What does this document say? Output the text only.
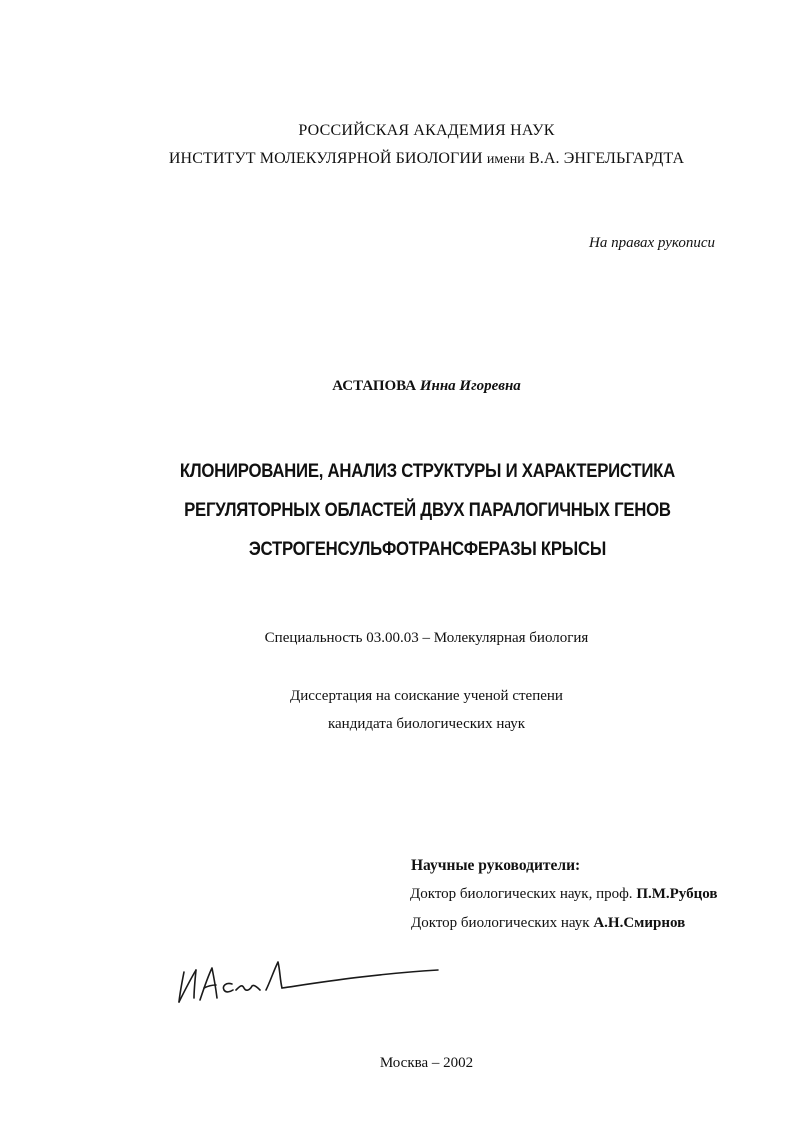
РОССИЙСКАЯ АКАДЕМИЯ НАУК
ИНСТИТУТ МОЛЕКУЛЯРНОЙ БИОЛОГИИ имени В.А. ЭНГЕЛЬГАРДТА
На правах рукописи
АСТАПОВА Инна Игоревна
КЛОНИРОВАНИЕ, АНАЛИЗ СТРУКТУРЫ И ХАРАКТЕРИСТИКА
РЕГУЛЯТОРНЫХ ОБЛАСТЕЙ ДВУХ ПАРАЛОГИЧНЫХ ГЕНОВ
ЭСТРОГЕНСУЛЬФОТРАНСФЕРАЗЫ КРЫСЫ
Специальность 03.00.03 – Молекулярная биология
Диссертация на соискание ученой степени
кандидата биологических наук
Научные руководители:
Доктор биологических наук, проф. П.М.Рубцов
Доктор биологических наук А.Н.Смирнов
Москва – 2002
